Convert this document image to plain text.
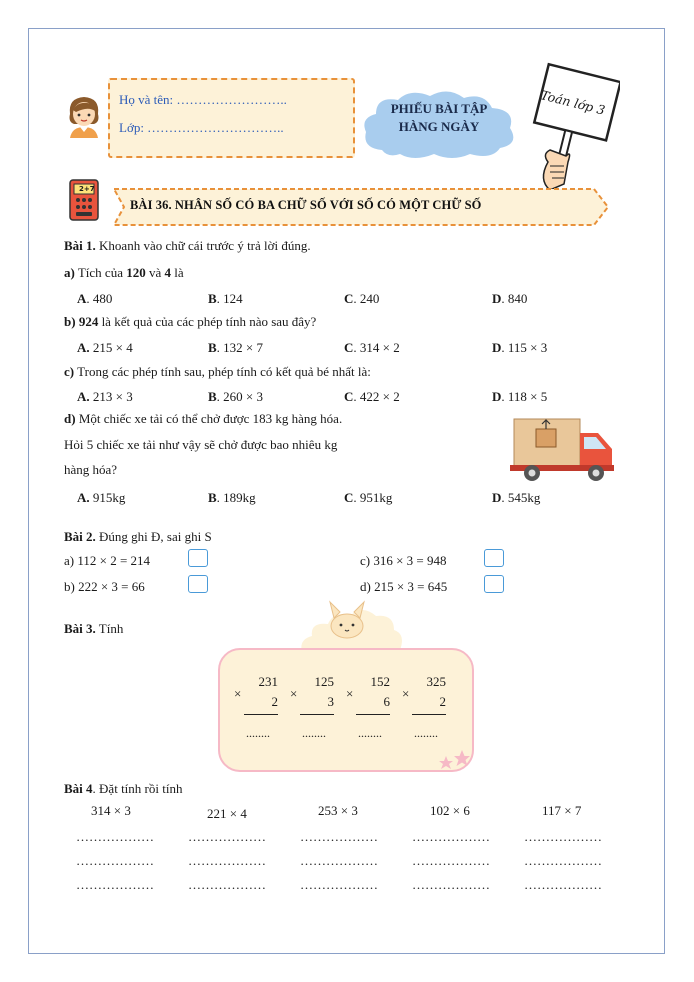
Họ và tên: ……………………..
Lớp: …………………………..
PHIẾU BÀI TẬP
HÀNG NGÀY
Toán lớp 3
2+7
BÀI 36. NHÂN SỐ CÓ BA CHỮ SỐ VỚI SỐ CÓ MỘT CHỮ SỐ
Bài 1. Khoanh vào chữ cái trước ý trả lời đúng.
a) Tích của 120 và 4 là
A. 480	B. 124	C. 240	D. 840
b) 924 là kết quả của các phép tính nào sau đây?
A. 215 × 4	B. 132 × 7	C. 314 × 2	D. 115 × 3
c) Trong các phép tính sau, phép tính có kết quả bé nhất là:
A. 213 × 3	B. 260 × 3	C. 422 × 2	D. 118 × 5
d) Một chiếc xe tải có thể chở được 183 kg hàng hóa.
Hỏi 5 chiếc xe tải như vậy sẽ chở được bao nhiêu kg
hàng hóa?
A. 915kg	B. 189kg	C. 951kg	D. 545kg
Bài 2. Đúng ghi Đ, sai ghi S
a) 112 × 2 = 214
b) 222 × 3 = 66
c) 316 × 3 = 948
d) 215 × 3 = 645
Bài 3. Tính
231
2
×
........
125
3
×
........
152
6
×
........
325
2
×
........
Bài 4. Đặt tính rồi tính
314 × 3	221 × 4	253 × 3	102 × 6	117 × 7
………………	………………	………………	………………	………………
………………	………………	………………	………………	………………
………………	………………	………………	………………	………………
